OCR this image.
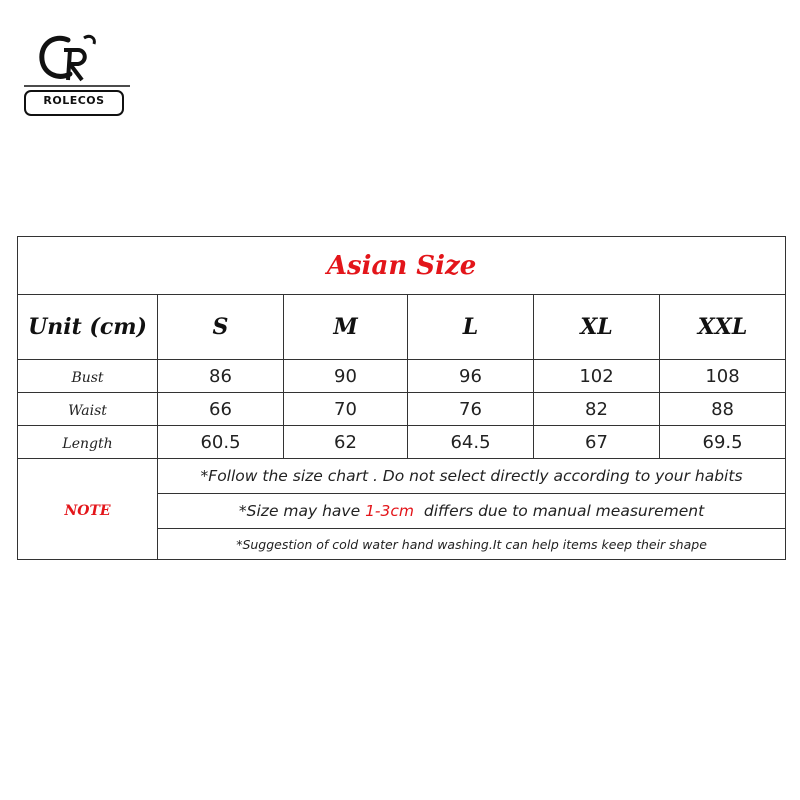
ROLECOS
Asian Size					
Unit (cm)	S	M	L	XL	XXL
Bust	86	90	96	102	108
Waist	66	70	76	82	88
Length	60.5	62	64.5	67	69.5
NOTE	*Follow the size chart . Do not select directly according to your habits				
	*Size may have 1-3cm  differs due to manual measurement				
	*Suggestion of cold water hand washing.It can help items keep their shape				
